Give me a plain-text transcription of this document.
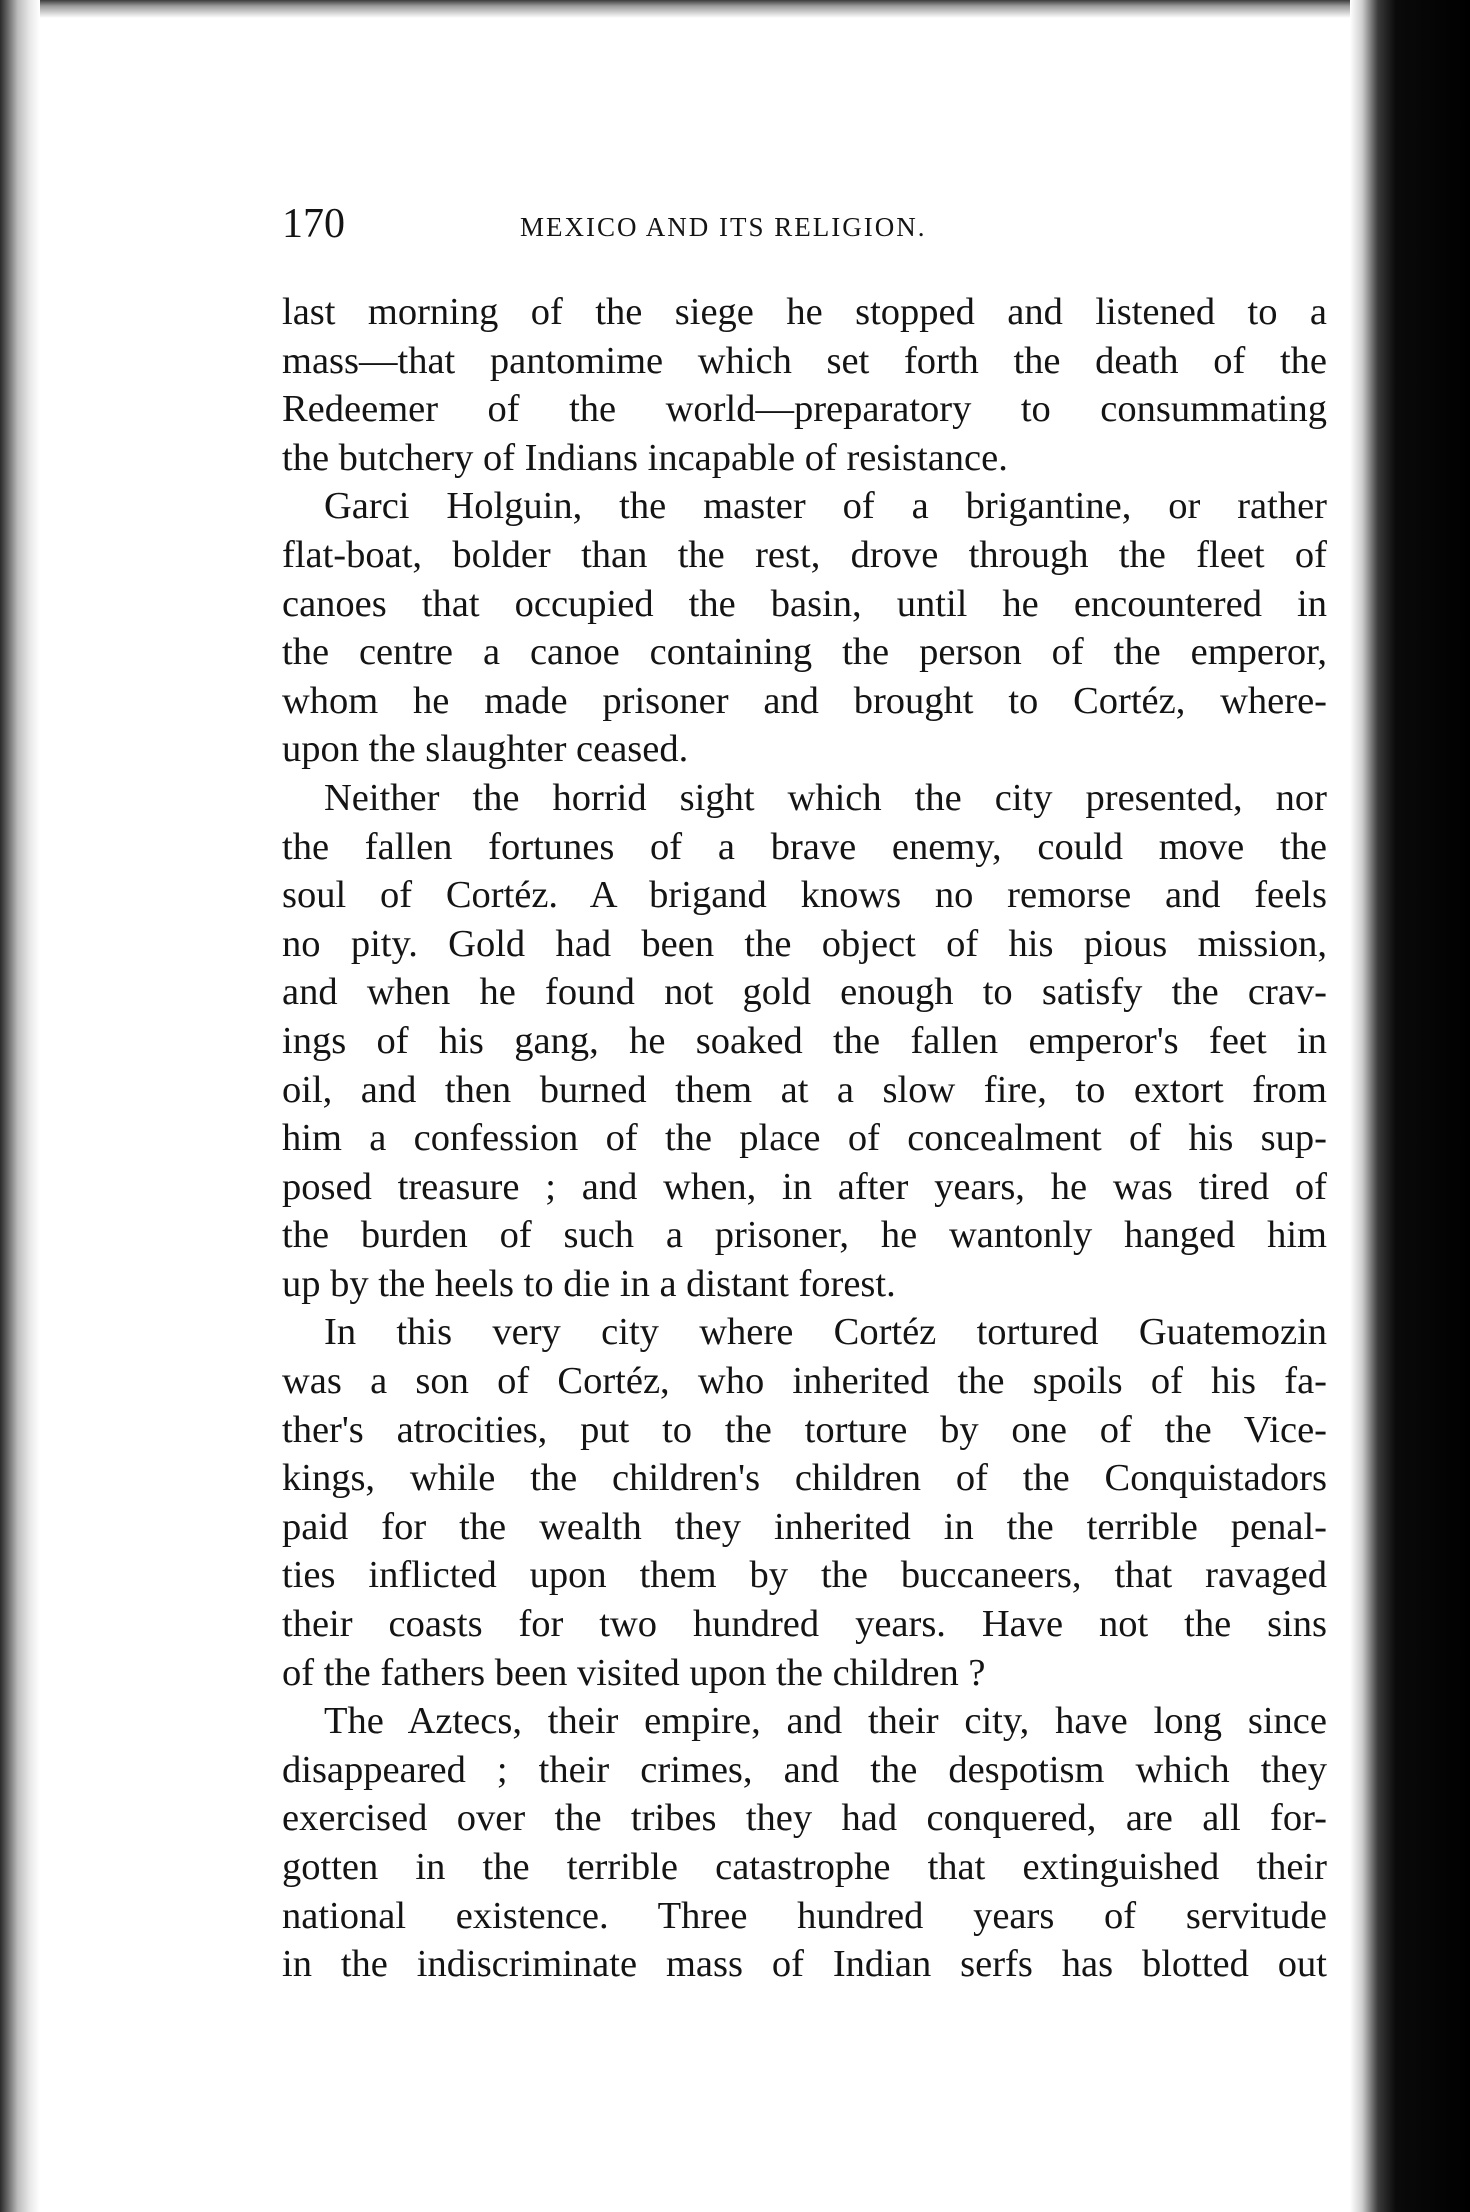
170	MEXICO AND ITS RELIGION.
last morning of the siege he stopped and listened to a
mass—that pantomime which set forth the death of the
Redeemer of the world—preparatory to consummating
the butchery of Indians incapable of resistance.
Garci Holguin, the master of a brigantine, or rather
flat-boat, bolder than the rest, drove through the fleet of
canoes that occupied the basin, until he encountered in
the centre a canoe containing the person of the emperor,
whom he made prisoner and brought to Cortéz, where-
upon the slaughter ceased.
Neither the horrid sight which the city presented, nor
the fallen fortunes of a brave enemy, could move the
soul of Cortéz. A brigand knows no remorse and feels
no pity. Gold had been the object of his pious mission,
and when he found not gold enough to satisfy the crav-
ings of his gang, he soaked the fallen emperor's feet in
oil, and then burned them at a slow fire, to extort from
him a confession of the place of concealment of his sup-
posed treasure ; and when, in after years, he was tired of
the burden of such a prisoner, he wantonly hanged him
up by the heels to die in a distant forest.
In this very city where Cortéz tortured Guatemozin
was a son of Cortéz, who inherited the spoils of his fa-
ther's atrocities, put to the torture by one of the Vice-
kings, while the children's children of the Conquistadors
paid for the wealth they inherited in the terrible penal-
ties inflicted upon them by the buccaneers, that ravaged
their coasts for two hundred years. Have not the sins
of the fathers been visited upon the children ?
The Aztecs, their empire, and their city, have long since
disappeared ; their crimes, and the despotism which they
exercised over the tribes they had conquered, are all for-
gotten in the terrible catastrophe that extinguished their
national existence. Three hundred years of servitude
in the indiscriminate mass of Indian serfs has blotted out
